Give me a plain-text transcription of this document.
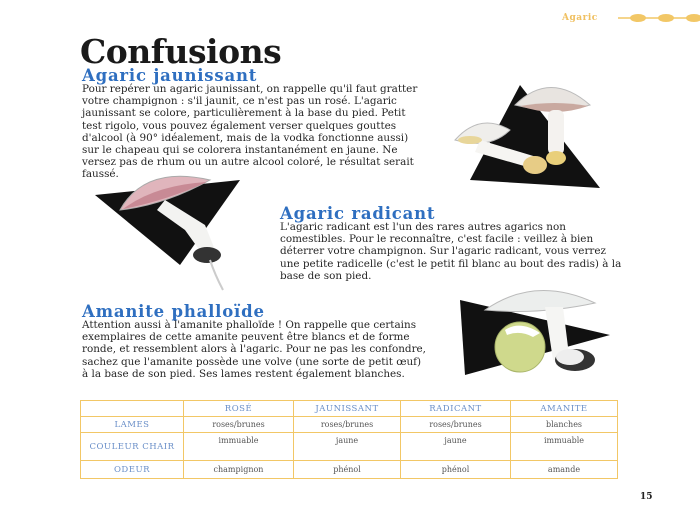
Agaric
Confusions
Agaric jaunissant
Pour repérer un agaric jaunissant, on rappelle qu'il faut gratter votre champignon : s'il jaunit, ce n'est pas un rosé. L'agaric jaunissant se colore, particulièrement à la base du pied. Petit test rigolo, vous pouvez également verser quelques gouttes d'alcool (à 90° idéalement, mais de la vodka fonctionne aussi) sur le chapeau qui se colorera instantanément en jaune. Ne versez pas de rhum ou un autre alcool coloré, le résultat serait faussé.
Agaric radicant
L'agaric radicant est l'un des rares autres agarics non comestibles. Pour le reconnaître, c'est facile : veillez à bien déterrer votre champignon. Sur l'agaric radicant, vous verrez une petite radicelle (c'est le petit fil blanc au bout des radis) à la base de son pied.
Amanite phalloïde
Attention aussi à l'amanite phalloïde ! On rappelle que certains exemplaires de cette amanite peuvent être blancs et de forme ronde, et ressemblent alors à l'agaric. Pour ne pas les confondre, sachez que l'amanite possède une volve (une sorte de petit œuf) à la base de son pied. Ses lames restent également blanches.
	ROSÉ	JAUNISSANT	RADICANT	AMANITE
LAMES	roses/brunes	roses/brunes	roses/brunes	blanches
COULEUR CHAIR	immuable	jaune	jaune	immuable
ODEUR	champignon	phénol	phénol	amande
15
